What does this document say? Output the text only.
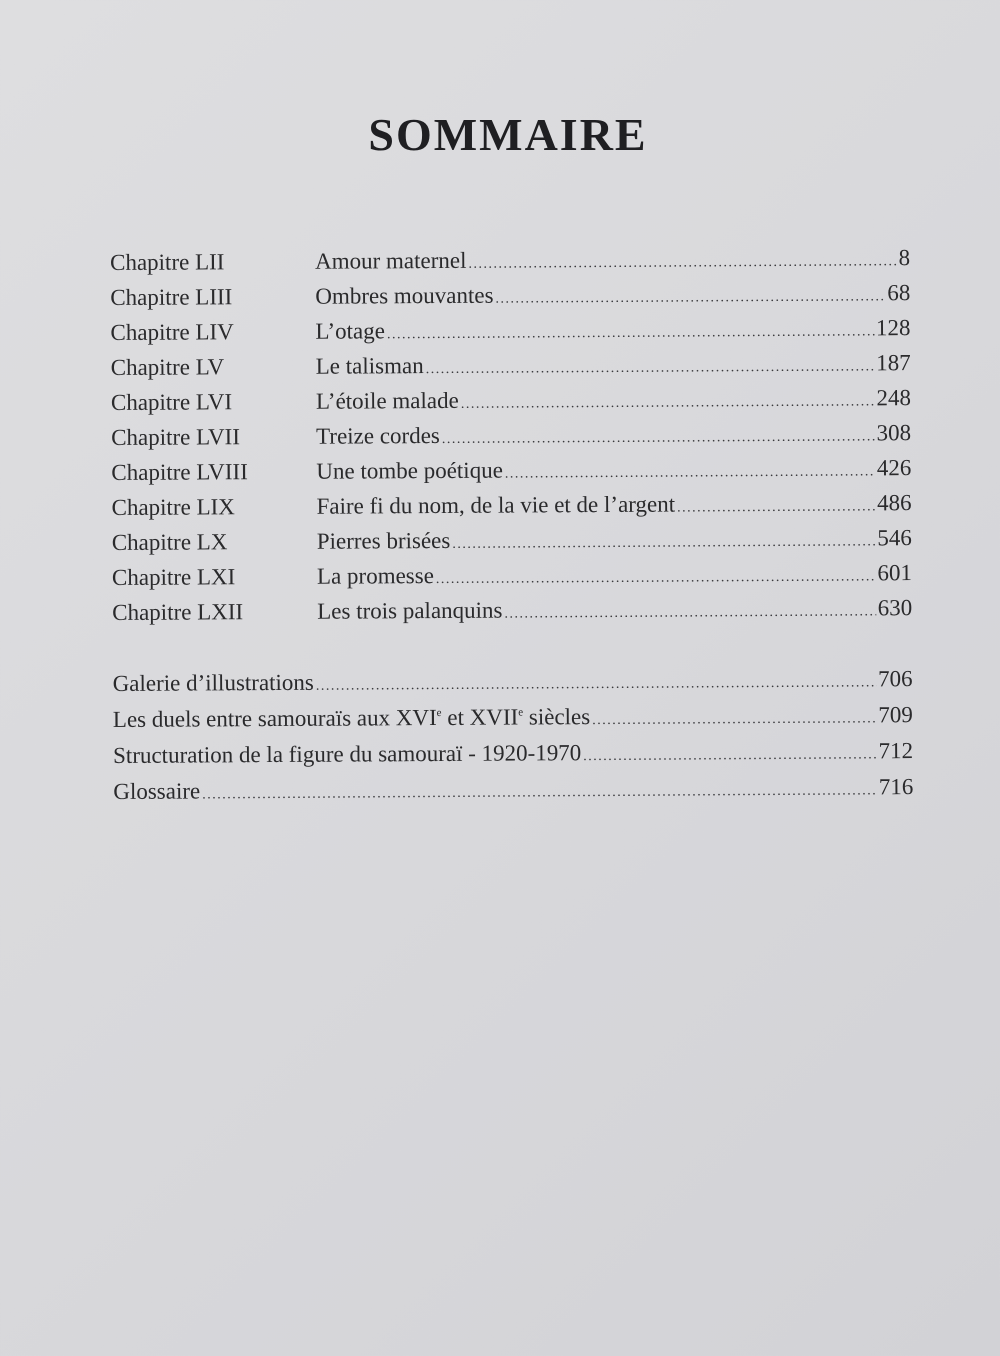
SOMMAIRE
Chapitre LII	Amour maternel .....	8
Chapitre LIII	Ombres mouvantes .....	68
Chapitre LIV	L’otage .....	128
Chapitre LV	Le talisman .....	187
Chapitre LVI	L’étoile malade .....	248
Chapitre LVII	Treize cordes .....	308
Chapitre LVIII	Une tombe poétique .....	426
Chapitre LIX	Faire fi du nom, de la vie et de l’argent .....	486
Chapitre LX	Pierres brisées .....	546
Chapitre LXI	La promesse .....	601
Chapitre LXII	Les trois palanquins .....	630
Galerie d’illustrations .....	706
Les duels entre samouraïs aux XVIe et XVIIe siècles .....	709
Structuration de la figure du samouraï - 1920-1970 .....	712
Glossaire .....	716
